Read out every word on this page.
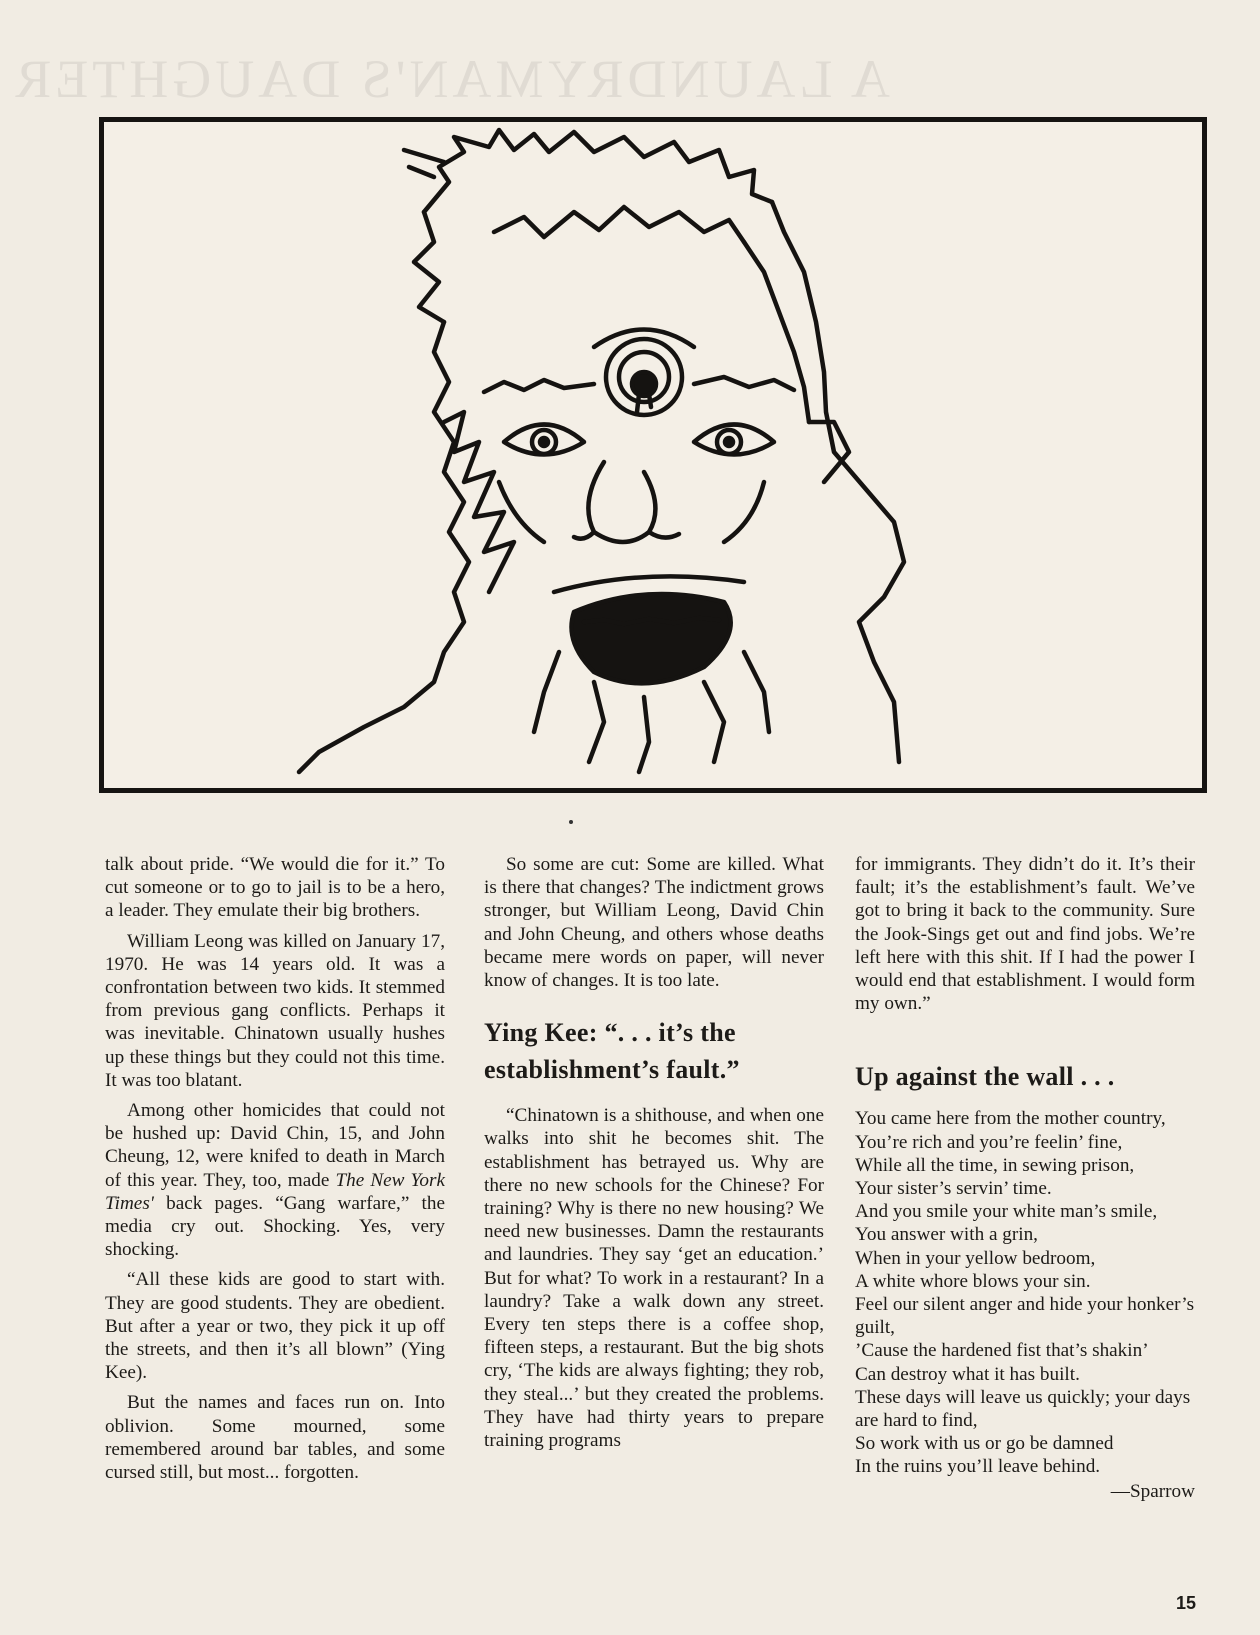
A LAUNDRYMAN'S DAUGHTER

talk about pride. “We would die for it.” To cut someone or to go to jail is to be a hero, a leader. They emulate their big brothers.

William Leong was killed on January 17, 1970. He was 14 years old. It was a confrontation between two kids. It stemmed from previous gang conflicts. Perhaps it was inevitable. Chinatown usually hushes up these things but they could not this time. It was too blatant.

Among other homicides that could not be hushed up: David Chin, 15, and John Cheung, 12, were knifed to death in March of this year. They, too, made The New York Times' back pages. “Gang warfare,” the media cry out. Shocking. Yes, very shocking.

“All these kids are good to start with. They are good students. They are obedient. But after a year or two, they pick it up off the streets, and then it’s all blown” (Ying Kee).

But the names and faces run on. Into oblivion. Some mourned, some remembered around bar tables, and some cursed still, but most... forgotten.

So some are cut: Some are killed. What is there that changes? The indictment grows stronger, but William Leong, David Chin and John Cheung, and others whose deaths became mere words on paper, will never know of changes. It is too late.

Ying Kee: “. . . it’s the establishment’s fault.”

“Chinatown is a shithouse, and when one walks into shit he becomes shit. The establishment has betrayed us. Why are there no new schools for the Chinese? For training? Why is there no new housing? We need new businesses. Damn the restaurants and laundries. They say ‘get an education.’ But for what? To work in a restaurant? In a laundry? Take a walk down any street. Every ten steps there is a coffee shop, fifteen steps, a restaurant. But the big shots cry, ‘The kids are always fighting; they rob, they steal...’ but they created the problems. They have had thirty years to prepare training programs

for immigrants. They didn’t do it. It’s their fault; it’s the establishment’s fault. We’ve got to bring it back to the community. Sure the Jook-Sings get out and find jobs. We’re left here with this shit. If I had the power I would end that establishment. I would form my own.”

Up against the wall . . .
You came here from the mother country,
You’re rich and you’re feelin’ fine,
While all the time, in sewing prison,
Your sister’s servin’ time.
And you smile your white man’s smile,
You answer with a grin,
When in your yellow bedroom,
A white whore blows your sin.
Feel our silent anger and hide your honker’s guilt,
’Cause the hardened fist that’s shakin’
Can destroy what it has built.
These days will leave us quickly; your days are hard to find,
So work with us or go be damned
In the ruins you’ll leave behind.
—Sparrow
15
